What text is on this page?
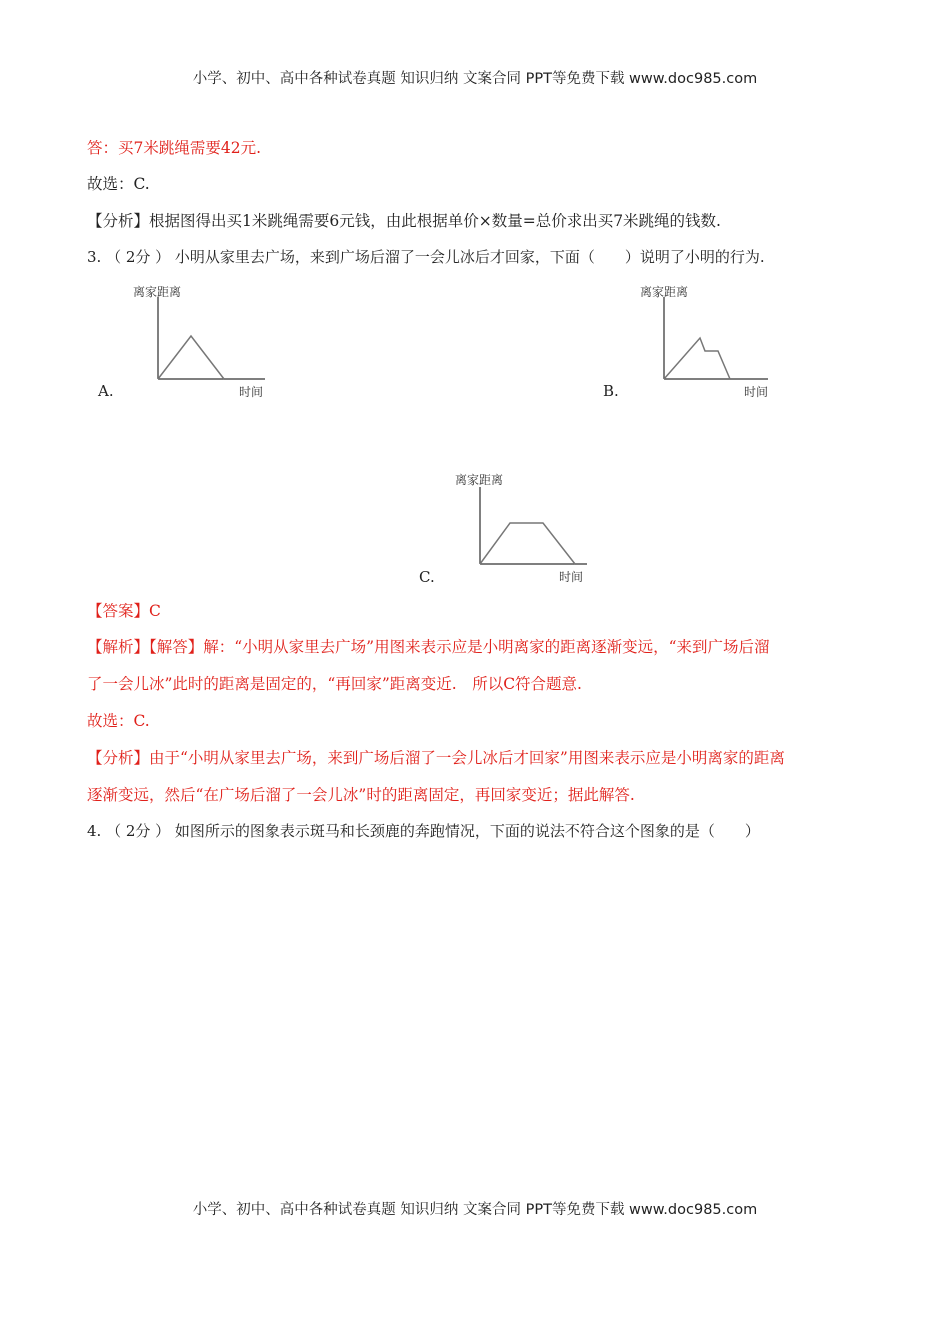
小学、初中、高中各种试卷真题 知识归纳 文案合同 PPT等免费下载 www.doc985.com
答：买7米跳绳需要42元.
故选：C.
【分析】根据图得出买1米跳绳需要6元钱，由此根据单价×数量=总价求出买7米跳绳的钱数.
3. （ 2分 ） 小明从家里去广场，来到广场后溜了一会儿冰后才回家，下面（　　）说明了小明的行为.
A.
离家距离
时间	B.
离家距离
时间
C.
离家距离
时间
【答案】C
【解析】【解答】解：“小明从家里去广场”用图来表示应是小明离家的距离逐渐变远，“来到广场后溜
了一会儿冰”此时的距离是固定的，“再回家”距离变近.　所以C符合题意.
故选：C.
【分析】由于“小明从家里去广场，来到广场后溜了一会儿冰后才回家”用图来表示应是小明离家的距离
逐渐变远，然后“在广场后溜了一会儿冰”时的距离固定，再回家变近；据此解答.
4. （ 2分 ） 如图所示的图象表示斑马和长颈鹿的奔跑情况，下面的说法不符合这个图象的是（　　）
小学、初中、高中各种试卷真题 知识归纳 文案合同 PPT等免费下载 www.doc985.com
